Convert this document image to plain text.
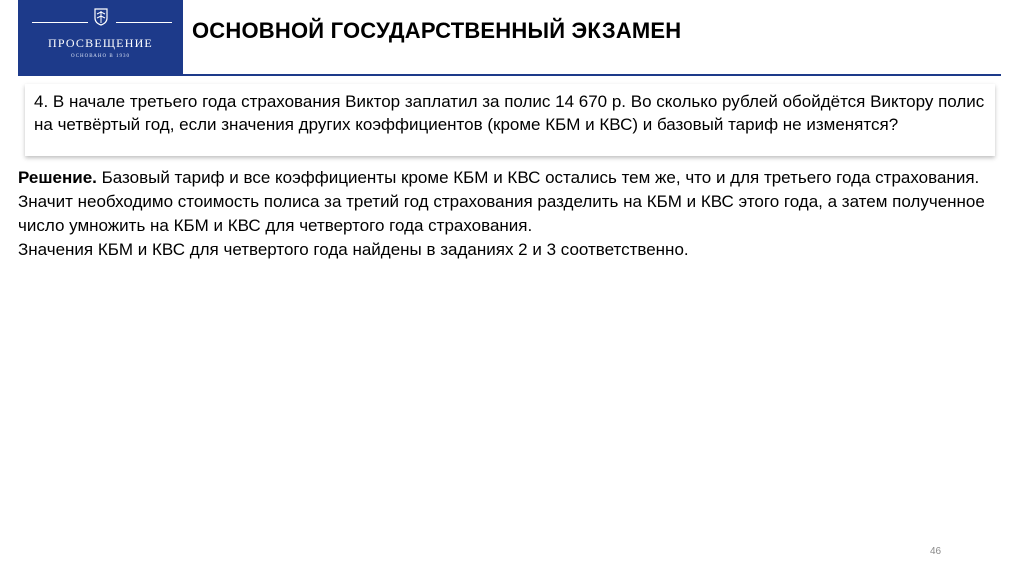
ПРОСВЕЩЕНИЕ
ОСНОВАНО В 1930
ОСНОВНОЙ ГОСУДАРСТВЕННЫЙ ЭКЗАМЕН
4. В начале третьего года страхования Виктор заплатил за полис 14 670 р. Во сколько рублей обойдётся Виктору полис на четвёртый год, если значения других коэффициентов (кроме КБМ и КВС) и базовый тариф не изменятся?
Решение. Базовый тариф и все коэффициенты кроме КБМ и КВС остались тем же, что и для третьего года страхования. Значит необходимо стоимость полиса за третий год страхования разделить на КБМ и КВС этого года, а затем полученное число умножить на КБМ и КВС для четвертого года страхования.
Значения КБМ и КВС для четвертого года найдены в заданиях 2 и 3 соответственно.
46
